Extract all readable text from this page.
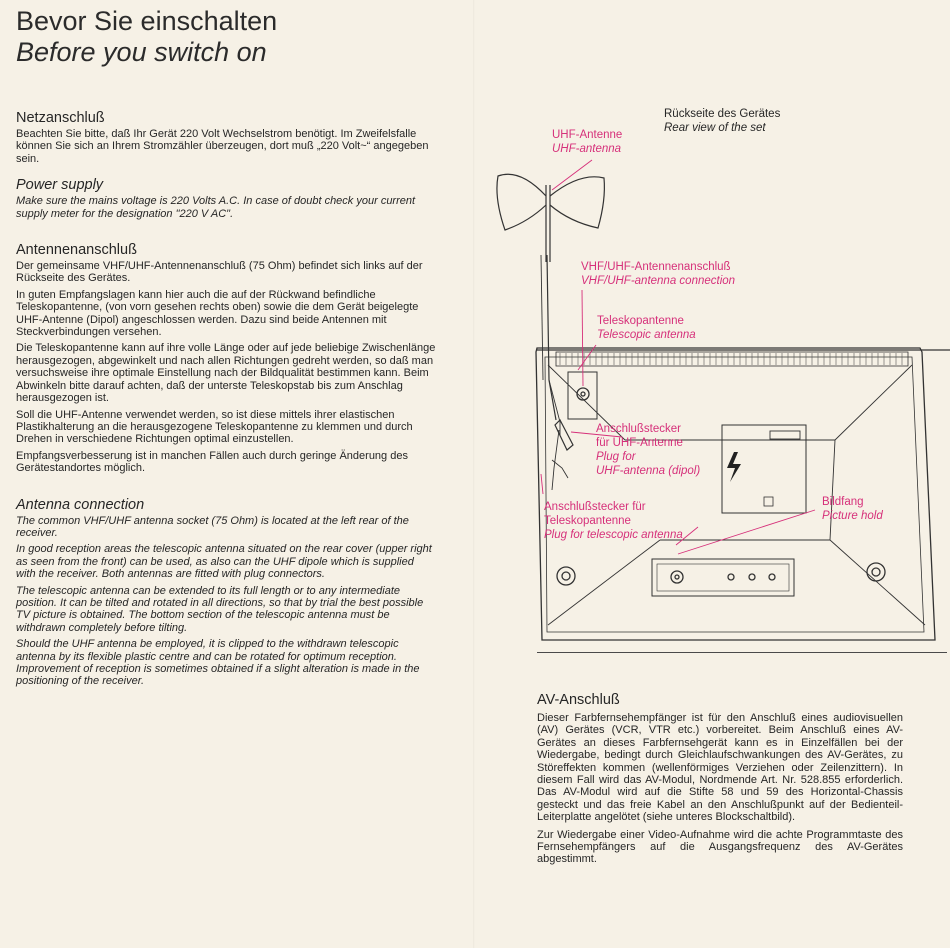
Bevor Sie einschalten
Before you switch on
Netzanschluß

Beachten Sie bitte, daß Ihr Gerät 220 Volt Wechselstrom benötigt. Im Zweifelsfalle können Sie sich an Ihrem Stromzähler überzeugen, dort muß „220 Volt~“ angegeben sein.

Power supply

Make sure the mains voltage is 220 Volts A.C. In case of doubt check your current supply meter for the designation "220 V AC".

Antennenanschluß

Der gemeinsame VHF/UHF-Antennenanschluß (75 Ohm) befindet sich links auf der Rückseite des Gerätes.

In guten Empfangslagen kann hier auch die auf der Rückwand befindliche Teleskopantenne, (von vorn gesehen rechts oben) sowie die dem Gerät beigelegte UHF-Antenne (Dipol) angeschlossen werden. Dazu sind beide Antennen mit Steckverbindungen versehen.

Die Teleskopantenne kann auf ihre volle Länge oder auf jede beliebige Zwischenlänge herausgezogen, abgewinkelt und nach allen Richtungen gedreht werden, so daß man versuchsweise ihre optimale Einstellung nach der Bildqualität bestimmen kann. Beim Abwinkeln bitte darauf achten, daß der unterste Teleskopstab bis zum Anschlag herausgezogen ist.

Soll die UHF-Antenne verwendet werden, so ist diese mittels ihrer elastischen Plastikhalterung an die herausgezogene Teleskopantenne zu klemmen und durch Drehen in verschiedene Richtungen optimal einzustellen.

Empfangsverbesserung ist in manchen Fällen auch durch geringe Änderung des Gerätestandortes möglich.

Antenna connection

The common VHF/UHF antenna socket (75 Ohm) is located at the left rear of the receiver.

In good reception areas the telescopic antenna situated on the rear cover (upper right as seen from the front) can be used, as also can the UHF dipole which is supplied with the receiver. Both antennas are fitted with plug connectors.

The telescopic antenna can be extended to its full length or to any intermediate position. It can be tilted and rotated in all directions, so that by trial the best possible TV picture is obtained. The bottom section of the telescopic antenna must be withdrawn completely before tilting.

Should the UHF antenna be employed, it is clipped to the withdrawn telescopic antenna by its flexible plastic centre and can be rotated for optimum reception. Improvement of reception is sometimes obtained if a slight alteration is made in the positioning of the receiver.

Rückseite des Gerätes
Rear view of the set
UHF-Antenne
UHF-antenna
VHF/UHF-Antennenanschluß
VHF/UHF-antenna connection
Teleskopantenne
Telescopic antenna
Anschlußstecker
für UHF-Antenne
Plug for
UHF-antenna (dipol)
Anschlußstecker für
Teleskopantenne
Plug for telescopic antenna
Bildfang
Picture hold
AV-Anschluß

Dieser Farbfernsehempfänger ist für den Anschluß eines audiovisuellen (AV) Gerätes (VCR, VTR etc.) vorbereitet. Beim Anschluß eines AV-Gerätes an dieses Farbfernsehgerät kann es in Einzelfällen bei der Wiedergabe, bedingt durch Gleichlaufschwankungen des AV-Gerätes, zu Störeffekten kommen (wellenförmiges Verziehen oder Zeilenzittern). In diesem Fall wird das AV-Modul, Nordmende Art. Nr. 528.855 erforderlich. Das AV-Modul wird auf die Stifte 58 und 59 des Horizontal-Chassis gesteckt und das freie Kabel an den Anschlußpunkt auf der Bedienteil-Leiterplatte angelötet (siehe unteres Blockschaltbild).

Zur Wiedergabe einer Video-Aufnahme wird die achte Programmtaste des Fernsehempfängers auf die Ausgangsfrequenz des AV-Gerätes abgestimmt.
